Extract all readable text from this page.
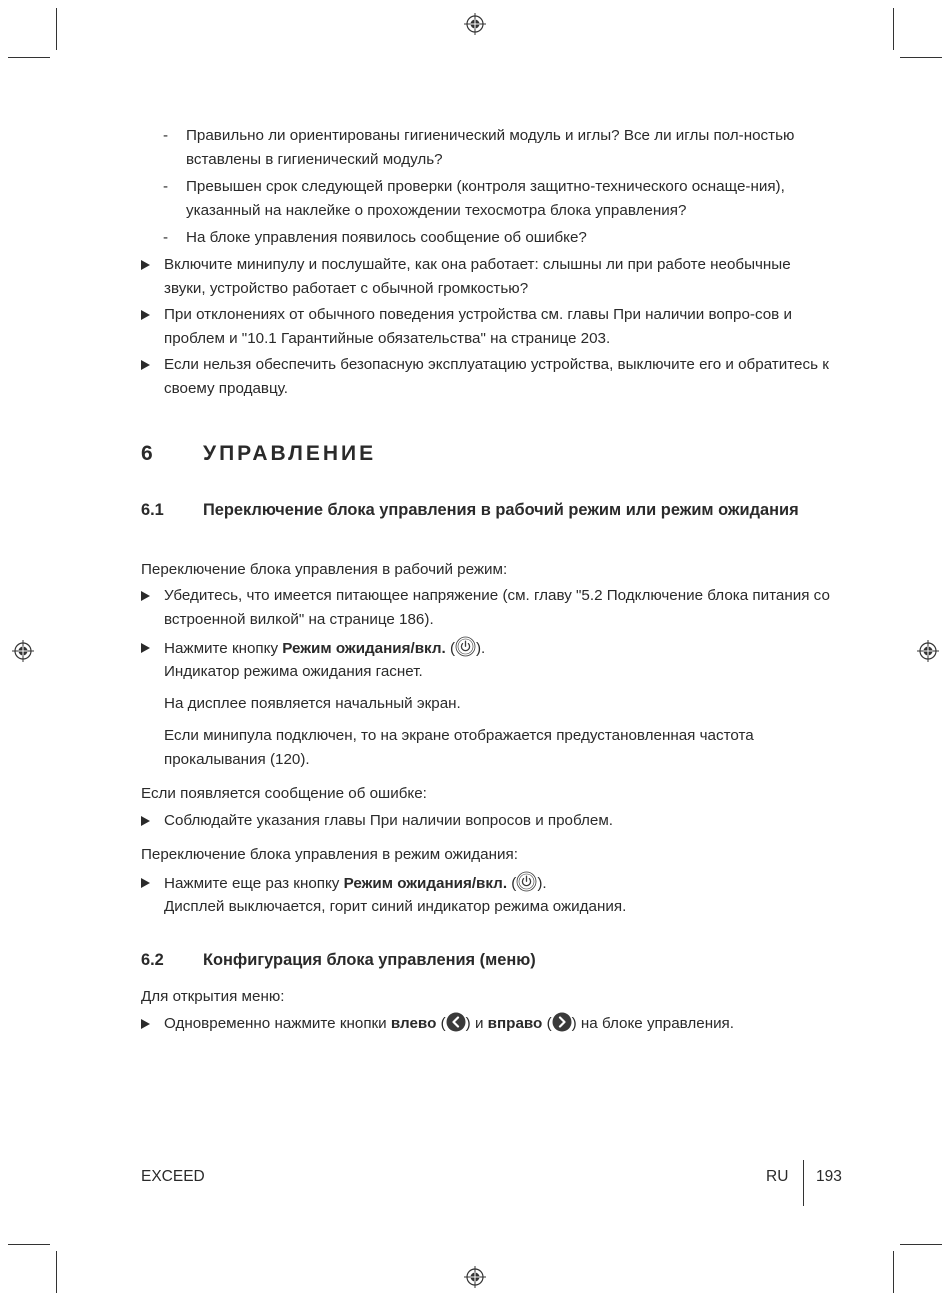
- Правильно ли ориентированы гигиенический модуль и иглы? Все ли иглы пол-ностью вставлены в гигиенический модуль?
- Превышен срок следующей проверки (контроля защитно-технического оснаще-ния), указанный на наклейке о прохождении техосмотра блока управления?
- На блоке управления появилось сообщение об ошибке?
Включите минипулу и послушайте, как она работает: слышны ли при работе необычные звуки, устройство работает с обычной громкостью?
При отклонениях от обычного поведения устройства см. главы При наличии вопро-сов и проблем и "10.1 Гарантийные обязательства" на странице 203.
Если нельзя обеспечить безопасную эксплуатацию устройства, выключите его и обратитесь к своему продавцу.
6 УПРАВЛЕНИЕ
6.1 Переключение блока управления в рабочий режим или режим ожидания
Переключение блока управления в рабочий режим:
Убедитесь, что имеется питающее напряжение (см. главу "5.2 Подключение блока питания со встроенной вилкой" на странице 186).
Нажмите кнопку Режим ожидания/вкл. ( ).
Индикатор режима ожидания гаснет.
На дисплее появляется начальный экран.
Если минипула подключен, то на экране отображается предустановленная частота прокалывания (120).
Если появляется сообщение об ошибке:
Соблюдайте указания главы При наличии вопросов и проблем.
Переключение блока управления в режим ожидания:
Нажмите еще раз кнопку Режим ожидания/вкл. ( ).
Дисплей выключается, горит синий индикатор режима ожидания.
6.2 Конфигурация блока управления (меню)
Для открытия меню:
Одновременно нажмите кнопки влево ( ) и вправо ( ) на блоке управления.
EXCEED	RU 193
